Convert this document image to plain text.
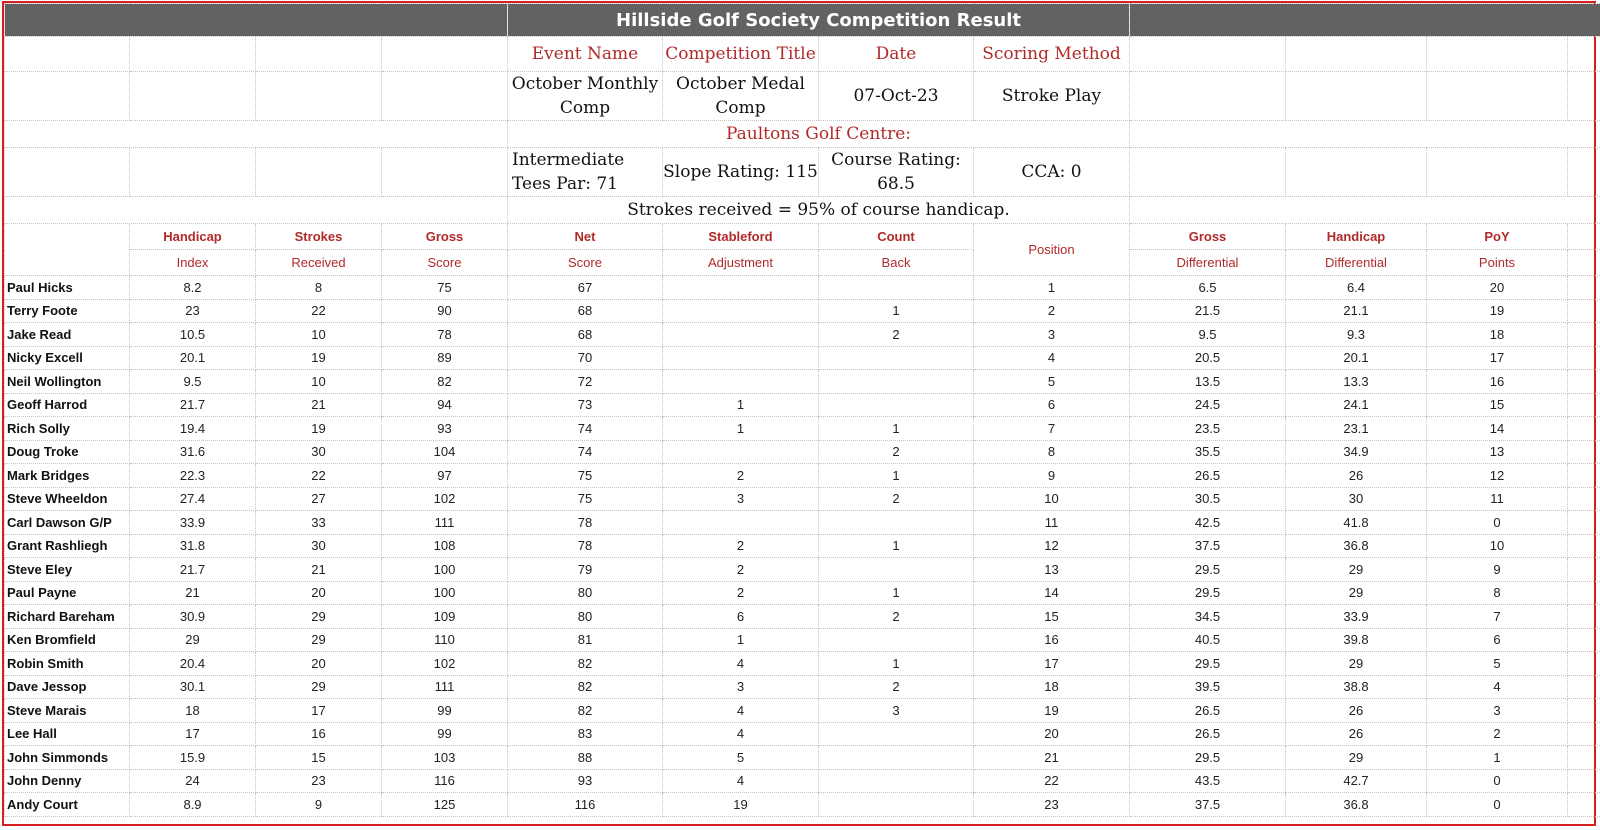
				Hillside Golf Society Competition Result							
				Event Name	Competition Title	Date	Scoring Method				
				October Monthly Comp	October Medal Comp	07-Oct-23	Stroke Play				
				Paultons Golf Centre:							
				Intermediate Tees Par: 71	Slope Rating: 115	Course Rating: 68.5	CCA: 0				
				Strokes received = 95% of course handicap.							
	Handicap	Strokes	Gross	Net	Stableford	Count	Position	Gross	Handicap	PoY	
	Index	Received	Score	Score	Adjustment	Back		Differential	Differential	Points	
Paul Hicks	8.2	8	75	67			1	6.5	6.4	20	
Terry Foote	23	22	90	68		1	2	21.5	21.1	19	
Jake Read	10.5	10	78	68		2	3	9.5	9.3	18	
Nicky Excell	20.1	19	89	70			4	20.5	20.1	17	
Neil Wollington	9.5	10	82	72			5	13.5	13.3	16	
Geoff Harrod	21.7	21	94	73	1		6	24.5	24.1	15	
Rich Solly	19.4	19	93	74	1	1	7	23.5	23.1	14	
Doug Troke	31.6	30	104	74		2	8	35.5	34.9	13	
Mark Bridges	22.3	22	97	75	2	1	9	26.5	26	12	
Steve Wheeldon	27.4	27	102	75	3	2	10	30.5	30	11	
Carl Dawson G/P	33.9	33	111	78			11	42.5	41.8	0	
Grant Rashliegh	31.8	30	108	78	2	1	12	37.5	36.8	10	
Steve Eley	21.7	21	100	79	2		13	29.5	29	9	
Paul Payne	21	20	100	80	2	1	14	29.5	29	8	
Richard Bareham	30.9	29	109	80	6	2	15	34.5	33.9	7	
Ken Bromfield	29	29	110	81	1		16	40.5	39.8	6	
Robin Smith	20.4	20	102	82	4	1	17	29.5	29	5	
Dave Jessop	30.1	29	111	82	3	2	18	39.5	38.8	4	
Steve Marais	18	17	99	82	4	3	19	26.5	26	3	
Lee Hall	17	16	99	83	4		20	26.5	26	2	
John Simmonds	15.9	15	103	88	5		21	29.5	29	1	
John Denny	24	23	116	93	4		22	43.5	42.7	0	
Andy Court	8.9	9	125	116	19		23	37.5	36.8	0	
